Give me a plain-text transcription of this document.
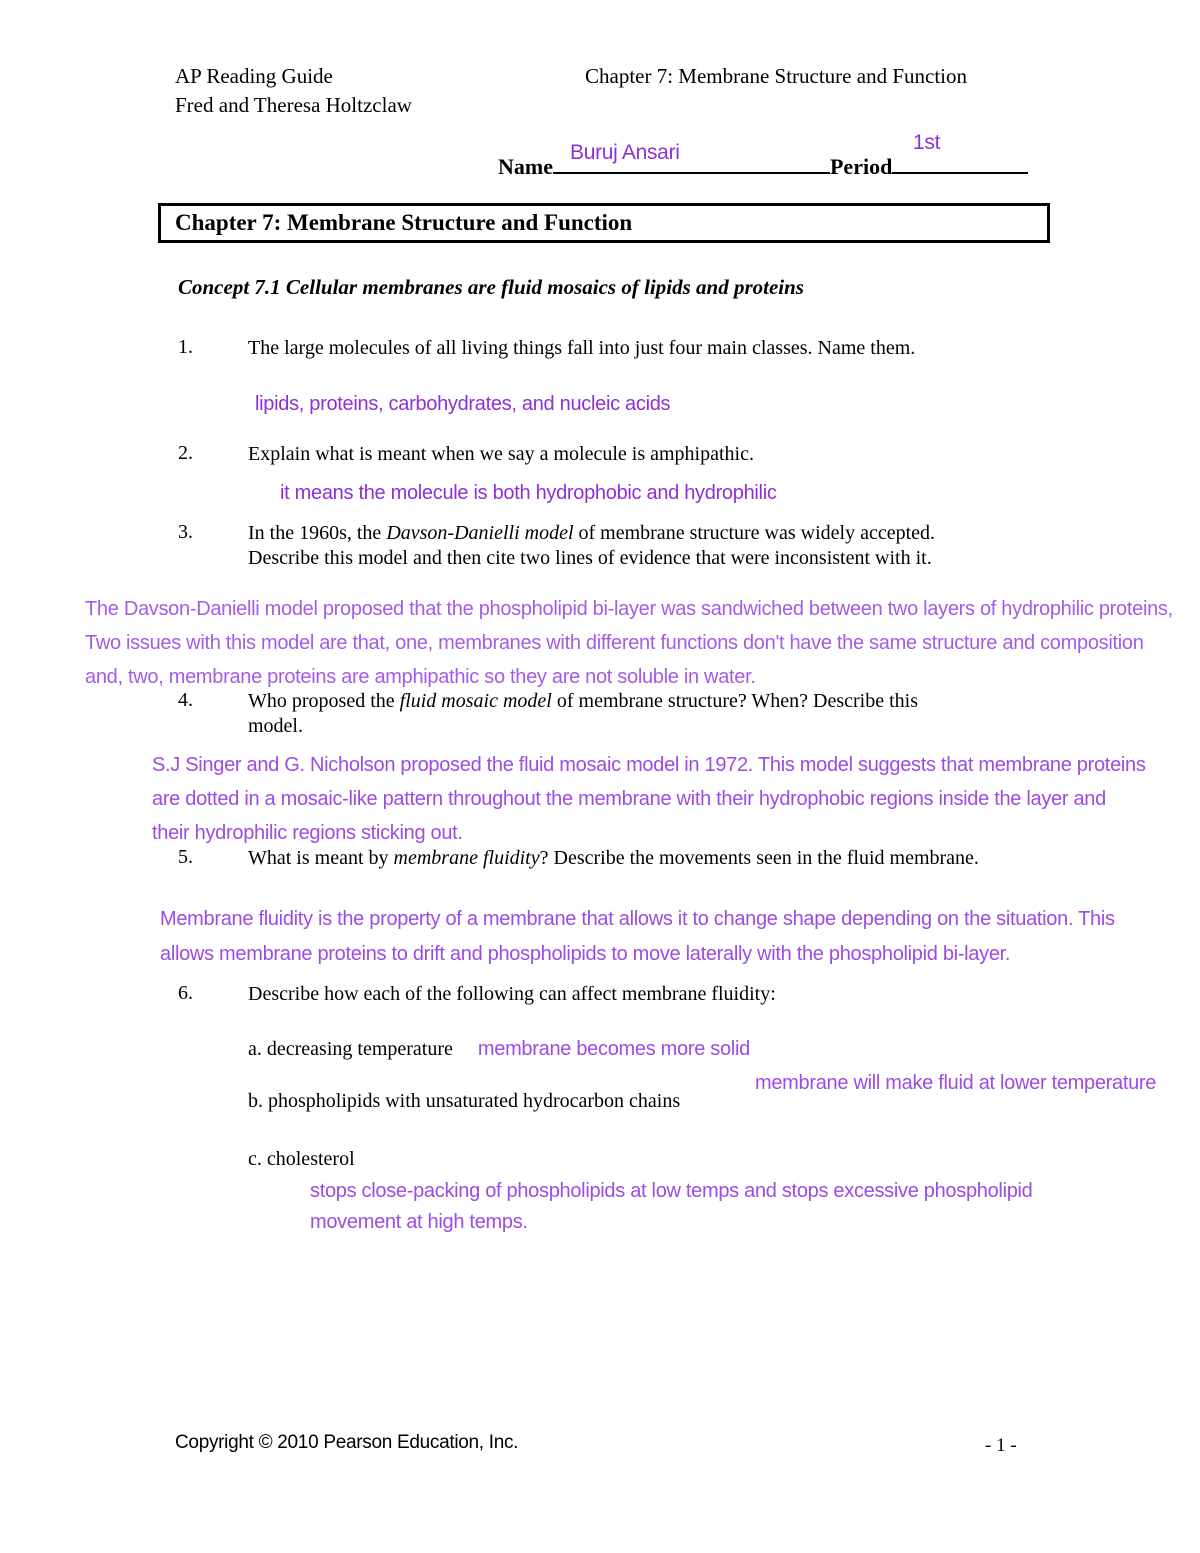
AP Reading Guide
Fred and Theresa Holtzclaw
Chapter 7: Membrane Structure and Function
Name	Period
Buruj Ansari	1st
Chapter 7: Membrane Structure and Function
Concept 7.1 Cellular membranes are fluid mosaics of lipids and proteins
1.	The large molecules of all living things fall into just four main classes. Name them.
lipids, proteins, carbohydrates, and nucleic acids
2.	Explain what is meant when we say a molecule is amphipathic.
it means the molecule is both hydrophobic and hydrophilic
3.	In the 1960s, the Davson-Danielli model of membrane structure was widely accepted. Describe this model and then cite two lines of evidence that were inconsistent with it.
The Davson-Danielli model proposed that the phospholipid bi-layer was sandwiched between two layers of hydrophilic proteins, Two issues with this model are that, one, membranes with different functions don't have the same structure and composition and, two, membrane proteins are amphipathic so they are not soluble in water.
4.	Who proposed the fluid mosaic model of membrane structure? When? Describe this model.
S.J Singer and G. Nicholson proposed the fluid mosaic model in 1972. This model suggests that membrane proteins are dotted in a mosaic-like pattern throughout the membrane with their hydrophobic regions inside the layer and their hydrophilic regions sticking out.
5.	What is meant by membrane fluidity? Describe the movements seen in the fluid membrane.
Membrane fluidity is the property of a membrane that allows it to change shape depending on the situation. This allows membrane proteins to drift and phospholipids to move laterally with the phospholipid bi-layer.
6.	Describe how each of the following can affect membrane fluidity:
a. decreasing temperature membrane becomes more solid
membrane will make fluid at lower temperature
b. phospholipids with unsaturated hydrocarbon chains
c. cholesterol
stops close-packing of phospholipids at low temps and stops excessive phospholipid movement at high temps.
Copyright © 2010 Pearson Education, Inc.	- 1 -
